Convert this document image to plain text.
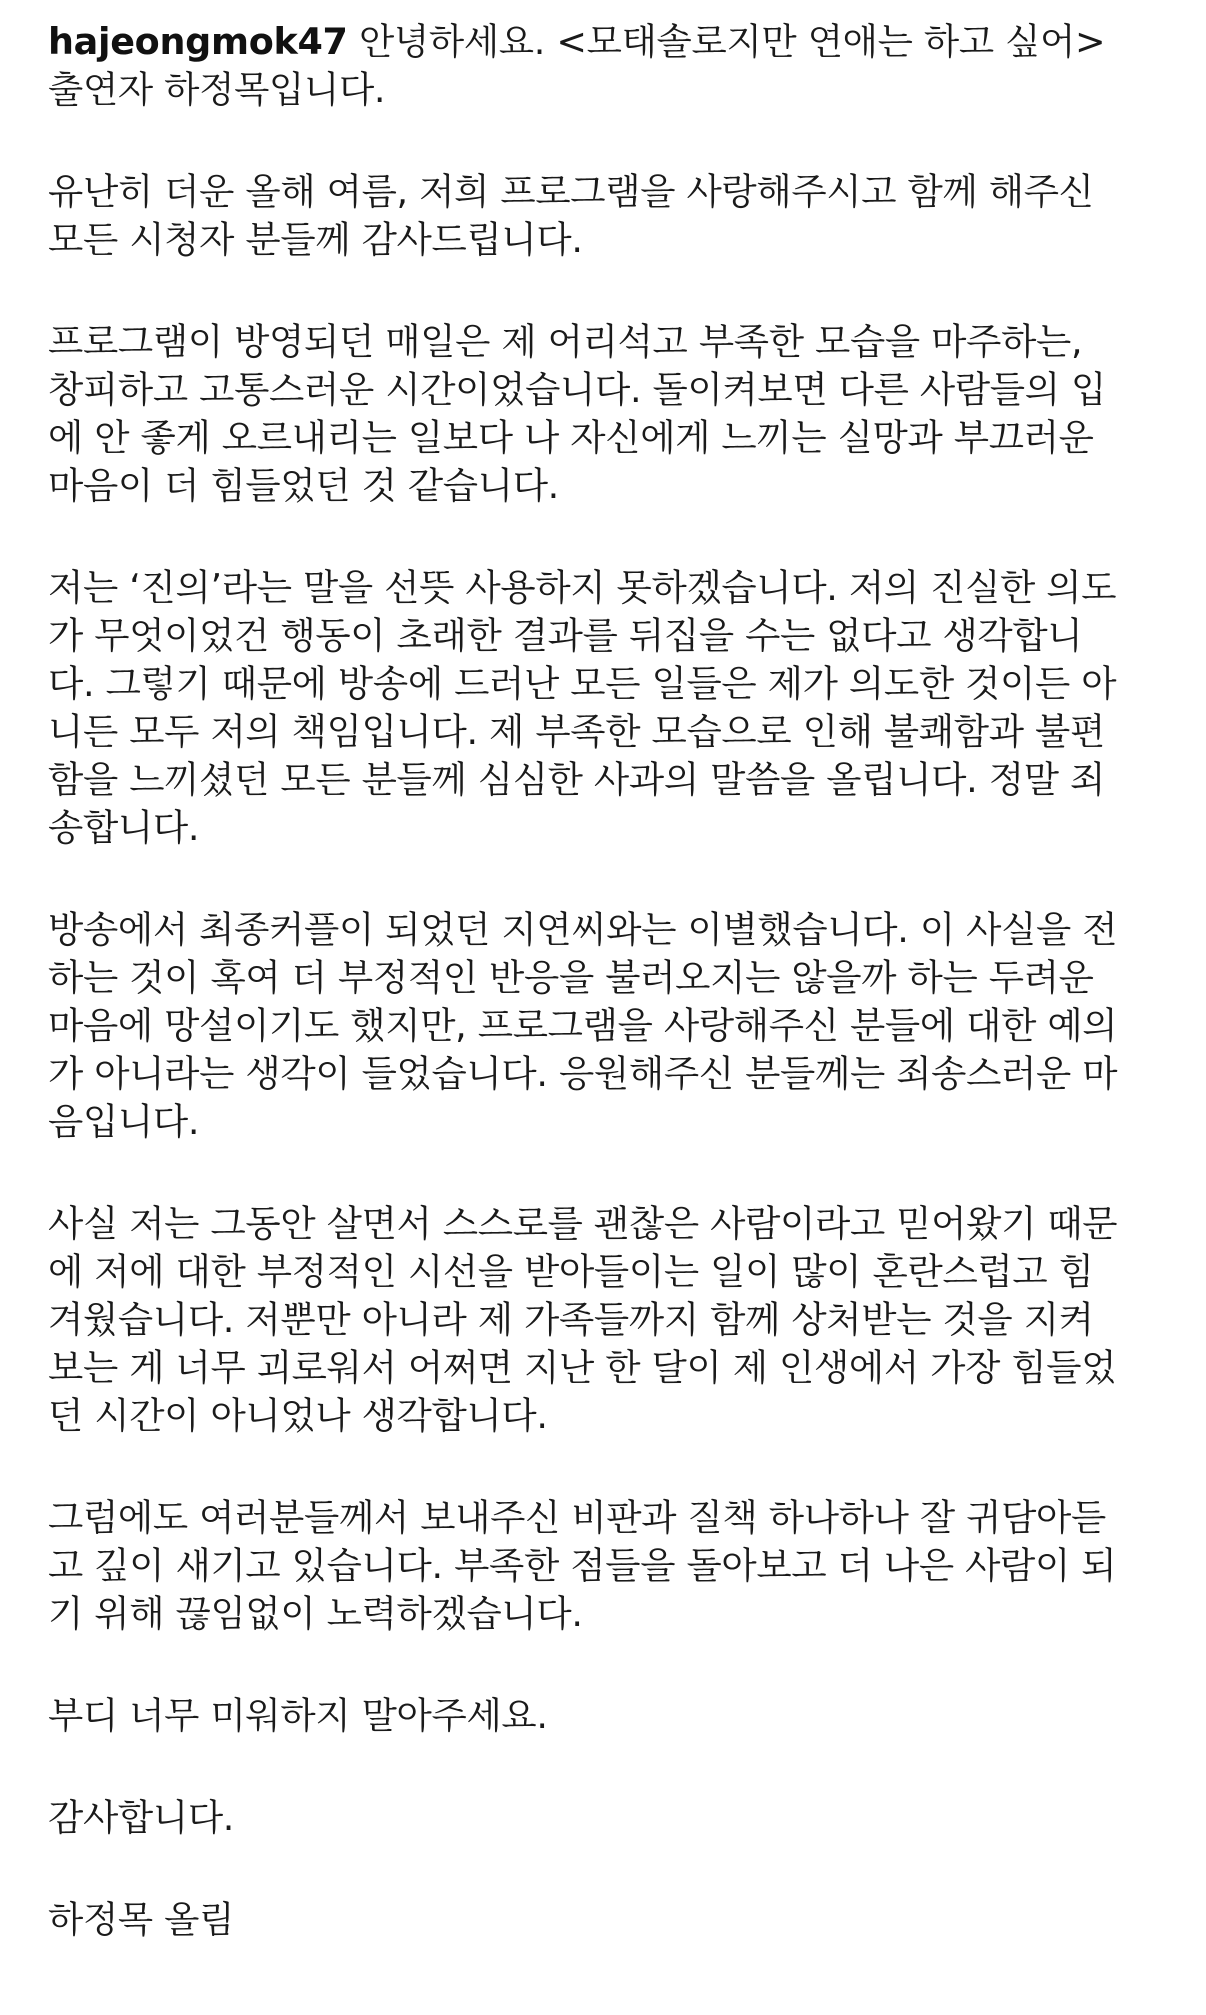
hajeongmok47 안녕하세요. <모태솔로지만 연애는 하고 싶어>
출연자 하정목입니다.

유난히 더운 올해 여름, 저희 프로그램을 사랑해주시고 함께 해주신
모든 시청자 분들께 감사드립니다.

프로그램이 방영되던 매일은 제 어리석고 부족한 모습을 마주하는,
창피하고 고통스러운 시간이었습니다. 돌이켜보면 다른 사람들의 입
에 안 좋게 오르내리는 일보다 나 자신에게 느끼는 실망과 부끄러운
마음이 더 힘들었던 것 같습니다.

저는 ‘진의’라는 말을 선뜻 사용하지 못하겠습니다. 저의 진실한 의도
가 무엇이었건 행동이 초래한 결과를 뒤집을 수는 없다고 생각합니
다. 그렇기 때문에 방송에 드러난 모든 일들은 제가 의도한 것이든 아
니든 모두 저의 책임입니다. 제 부족한 모습으로 인해 불쾌함과 불편
함을 느끼셨던 모든 분들께 심심한 사과의 말씀을 올립니다. 정말 죄
송합니다.

방송에서 최종커플이 되었던 지연씨와는 이별했습니다. 이 사실을 전
하는 것이 혹여 더 부정적인 반응을 불러오지는 않을까 하는 두려운
마음에 망설이기도 했지만, 프로그램을 사랑해주신 분들에 대한 예의
가 아니라는 생각이 들었습니다. 응원해주신 분들께는 죄송스러운 마
음입니다.

사실 저는 그동안 살면서 스스로를 괜찮은 사람이라고 믿어왔기 때문
에 저에 대한 부정적인 시선을 받아들이는 일이 많이 혼란스럽고 힘
겨웠습니다. 저뿐만 아니라 제 가족들까지 함께 상처받는 것을 지켜
보는 게 너무 괴로워서 어쩌면 지난 한 달이 제 인생에서 가장 힘들었
던 시간이 아니었나 생각합니다.

그럼에도 여러분들께서 보내주신 비판과 질책 하나하나 잘 귀담아듣
고 깊이 새기고 있습니다. 부족한 점들을 돌아보고 더 나은 사람이 되
기 위해 끊임없이 노력하겠습니다.

부디 너무 미워하지 말아주세요.

감사합니다.

하정목 올림
